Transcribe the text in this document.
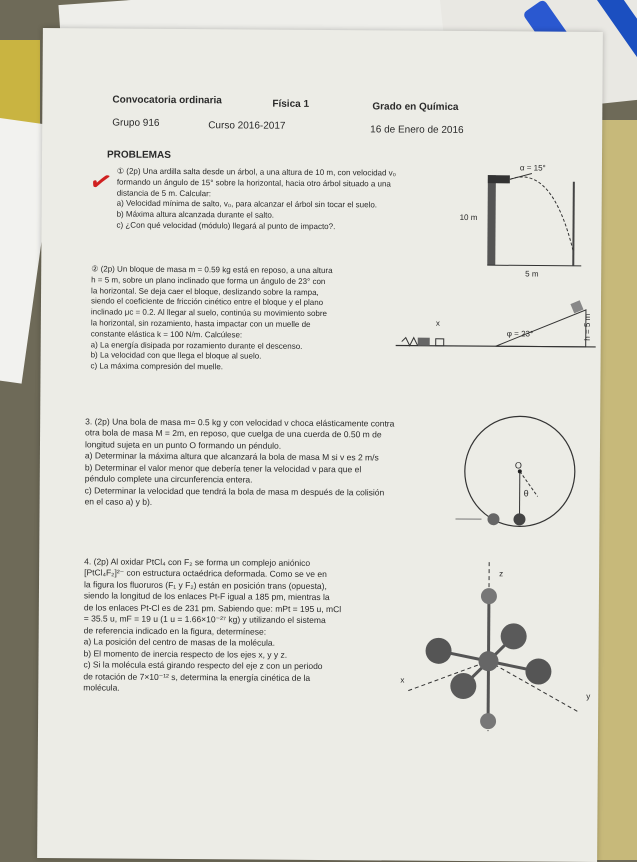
Convocatoria ordinaria	Física 1	Grado en Química
Grupo 916	Curso 2016-2017	16 de Enero de 2016
PROBLEMAS
✓ ① (2p) Una ardilla salta desde un árbol, a una altura de 10 m, con velocidad v₀
formando un ángulo de 15° sobre la horizontal, hacia otro árbol situado a una
distancia de 5 m. Calcular:
a) Velocidad mínima de salto, v₀, para alcanzar el árbol sin tocar el suelo.
b) Máxima altura alcanzada durante el salto.
c) ¿Con qué velocidad (módulo) llegará al punto de impacto?.
α = 15°
10 m
5 m
② (2p) Un bloque de masa m = 0.59 kg está en reposo, a una altura
h = 5 m, sobre un plano inclinado que forma un ángulo de 23° con
la horizontal. Se deja caer el bloque, deslizando sobre la rampa,
siendo el coeficiente de fricción cinético entre el bloque y el plano
inclinado μc = 0.2. Al llegar al suelo, continúa su movimiento sobre
la horizontal, sin rozamiento, hasta impactar con un muelle de
constante elástica k = 100 N/m. Calcúlese:
a) La energía disipada por rozamiento durante el descenso.
b) La velocidad con que llega el bloque al suelo.
c) La máxima compresión del muelle.
φ = 23°	h = 5 m
x
3. (2p) Una bola de masa m= 0.5 kg y con velocidad v choca elásticamente contra
otra bola de masa M = 2m, en reposo, que cuelga de una cuerda de 0.50 m de
longitud sujeta en un punto O formando un péndulo.
a) Determinar la máxima altura que alcanzará la bola de masa M si v es 2 m/s
b) Determinar el valor menor que debería tener la velocidad v para que el
péndulo complete una circunferencia entera.
c) Determinar la velocidad que tendrá la bola de masa m después de la colisión
en el caso a) y b).
O
θ
4. (2p) Al oxidar PtCl₄ con F₂ se forma un complejo aniónico
[PtCl₄F₂]²⁻ con estructura octaédrica deformada. Como se ve en
la figura los fluoruros (F₁ y F₂) están en posición trans (opuesta),
siendo la longitud de los enlaces Pt-F igual a 185 pm, mientras la
de los enlaces Pt-Cl es de 231 pm. Sabiendo que: mPt = 195 u, mCl
= 35.5 u, mF = 19 u (1 u = 1.66×10⁻²⁷ kg) y utilizando el sistema
de referencia indicado en la figura, determínese:
a) La posición del centro de masas de la molécula.
b) El momento de inercia respecto de los ejes x, y y z.
c) Si la molécula está girando respecto del eje z con un periodo
de rotación de 7×10⁻¹² s, determina la energía cinética de la
molécula.
z
x
y
